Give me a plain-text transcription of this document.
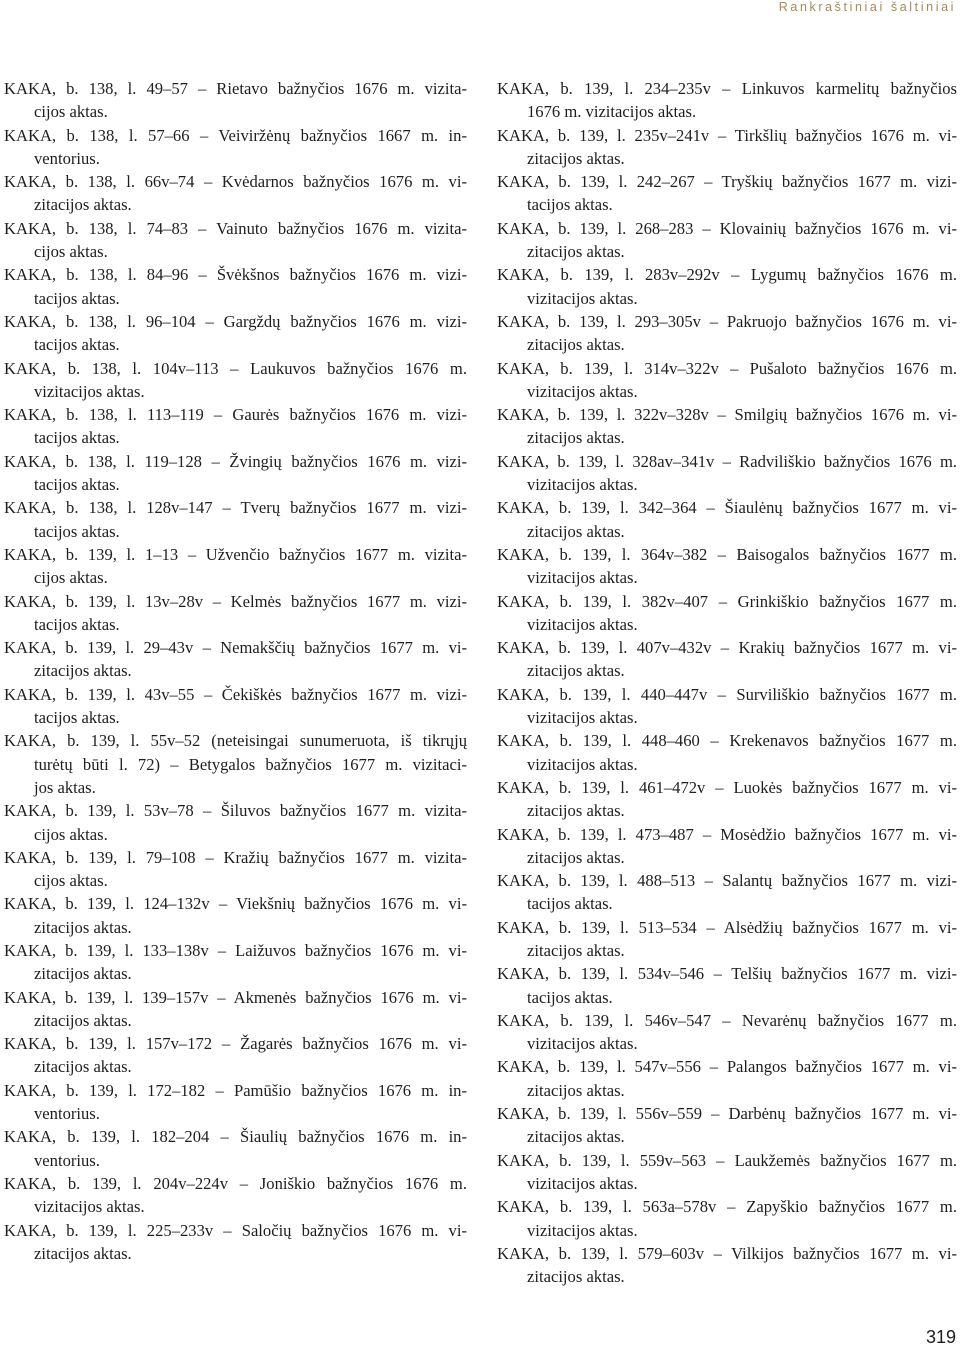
Rankraštiniai šaltiniai

KAKA, b. 138, l. 49–57 – Rietavo bažnyčios 1676 m. vizita-
cijos aktas.

KAKA, b. 138, l. 57–66 – Veiviržėnų bažnyčios 1667 m. in-
ventorius.

KAKA, b. 138, l. 66v–74 – Kvėdarnos bažnyčios 1676 m. vi-
zitacijos aktas.

KAKA, b. 138, l. 74–83 – Vainuto bažnyčios 1676 m. vizita-
cijos aktas.

KAKA, b. 138, l. 84–96 – Švėkšnos bažnyčios 1676 m. vizi-
tacijos aktas.

KAKA, b. 138, l. 96–104 – Gargždų bažnyčios 1676 m. vizi-
tacijos aktas.

KAKA, b. 138, l. 104v–113 – Laukuvos bažnyčios 1676 m.
vizitacijos aktas.

KAKA, b. 138, l. 113–119 – Gaurės bažnyčios 1676 m. vizi-
tacijos aktas.

KAKA, b. 138, l. 119–128 – Žvingių bažnyčios 1676 m. vizi-
tacijos aktas.

KAKA, b. 138, l. 128v–147 – Tverų bažnyčios 1677 m. vizi-
tacijos aktas.

KAKA, b. 139, l. 1–13 – Užvenčio bažnyčios 1677 m. vizita-
cijos aktas.

KAKA, b. 139, l. 13v–28v – Kelmės bažnyčios 1677 m. vizi-
tacijos aktas.

KAKA, b. 139, l. 29–43v – Nemakščių bažnyčios 1677 m. vi-
zitacijos aktas.

KAKA, b. 139, l. 43v–55 – Čekiškės bažnyčios 1677 m. vizi-
tacijos aktas.

KAKA, b. 139, l. 55v–52 (neteisingai sunumeruota, iš tikrųjų
turėtų būti l. 72) – Betygalos bažnyčios 1677 m. vizitaci-
jos aktas.

KAKA, b. 139, l. 53v–78 – Šiluvos bažnyčios 1677 m. vizita-
cijos aktas.

KAKA, b. 139, l. 79–108 – Kražių bažnyčios 1677 m. vizita-
cijos aktas.

KAKA, b. 139, l. 124–132v – Viekšnių bažnyčios 1676 m. vi-
zitacijos aktas.

KAKA, b. 139, l. 133–138v – Laižuvos bažnyčios 1676 m. vi-
zitacijos aktas.

KAKA, b. 139, l. 139–157v – Akmenės bažnyčios 1676 m. vi-
zitacijos aktas.

KAKA, b. 139, l. 157v–172 – Žagarės bažnyčios 1676 m. vi-
zitacijos aktas.

KAKA, b. 139, l. 172–182 – Pamūšio bažnyčios 1676 m. in-
ventorius.

KAKA, b. 139, l. 182–204 – Šiaulių bažnyčios 1676 m. in-
ventorius.

KAKA, b. 139, l. 204v–224v – Joniškio bažnyčios 1676 m.
vizitacijos aktas.

KAKA, b. 139, l. 225–233v – Saločių bažnyčios 1676 m. vi-
zitacijos aktas.

KAKA, b. 139, l. 234–235v – Linkuvos karmelitų bažnyčios
1676 m. vizitacijos aktas.

KAKA, b. 139, l. 235v–241v – Tirkšlių bažnyčios 1676 m. vi-
zitacijos aktas.

KAKA, b. 139, l. 242–267 – Tryškių bažnyčios 1677 m. vizi-
tacijos aktas.

KAKA, b. 139, l. 268–283 – Klovainių bažnyčios 1676 m. vi-
zitacijos aktas.

KAKA, b. 139, l. 283v–292v – Lygumų bažnyčios 1676 m.
vizitacijos aktas.

KAKA, b. 139, l. 293–305v – Pakruojo bažnyčios 1676 m. vi-
zitacijos aktas.

KAKA, b. 139, l. 314v–322v – Pušaloto bažnyčios 1676 m.
vizitacijos aktas.

KAKA, b. 139, l. 322v–328v – Smilgių bažnyčios 1676 m. vi-
zitacijos aktas.

KAKA, b. 139, l. 328av–341v – Radviliškio bažnyčios 1676 m.
vizitacijos aktas.

KAKA, b. 139, l. 342–364 – Šiaulėnų bažnyčios 1677 m. vi-
zitacijos aktas.

KAKA, b. 139, l. 364v–382 – Baisogalos bažnyčios 1677 m.
vizitacijos aktas.

KAKA, b. 139, l. 382v–407 – Grinkiškio bažnyčios 1677 m.
vizitacijos aktas.

KAKA, b. 139, l. 407v–432v – Krakių bažnyčios 1677 m. vi-
zitacijos aktas.

KAKA, b. 139, l. 440–447v – Surviliškio bažnyčios 1677 m.
vizitacijos aktas.

KAKA, b. 139, l. 448–460 – Krekenavos bažnyčios 1677 m.
vizitacijos aktas.

KAKA, b. 139, l. 461–472v – Luokės bažnyčios 1677 m. vi-
zitacijos aktas.

KAKA, b. 139, l. 473–487 – Mosėdžio bažnyčios 1677 m. vi-
zitacijos aktas.

KAKA, b. 139, l. 488–513 – Salantų bažnyčios 1677 m. vizi-
tacijos aktas.

KAKA, b. 139, l. 513–534 – Alsėdžių bažnyčios 1677 m. vi-
zitacijos aktas.

KAKA, b. 139, l. 534v–546 – Telšių bažnyčios 1677 m. vizi-
tacijos aktas.

KAKA, b. 139, l. 546v–547 – Nevarėnų bažnyčios 1677 m.
vizitacijos aktas.

KAKA, b. 139, l. 547v–556 – Palangos bažnyčios 1677 m. vi-
zitacijos aktas.

KAKA, b. 139, l. 556v–559 – Darbėnų bažnyčios 1677 m. vi-
zitacijos aktas.

KAKA, b. 139, l. 559v–563 – Laukžemės bažnyčios 1677 m.
vizitacijos aktas.

KAKA, b. 139, l. 563a–578v – Zapyškio bažnyčios 1677 m.
vizitacijos aktas.

KAKA, b. 139, l. 579–603v – Vilkijos bažnyčios 1677 m. vi-
zitacijos aktas.

319
